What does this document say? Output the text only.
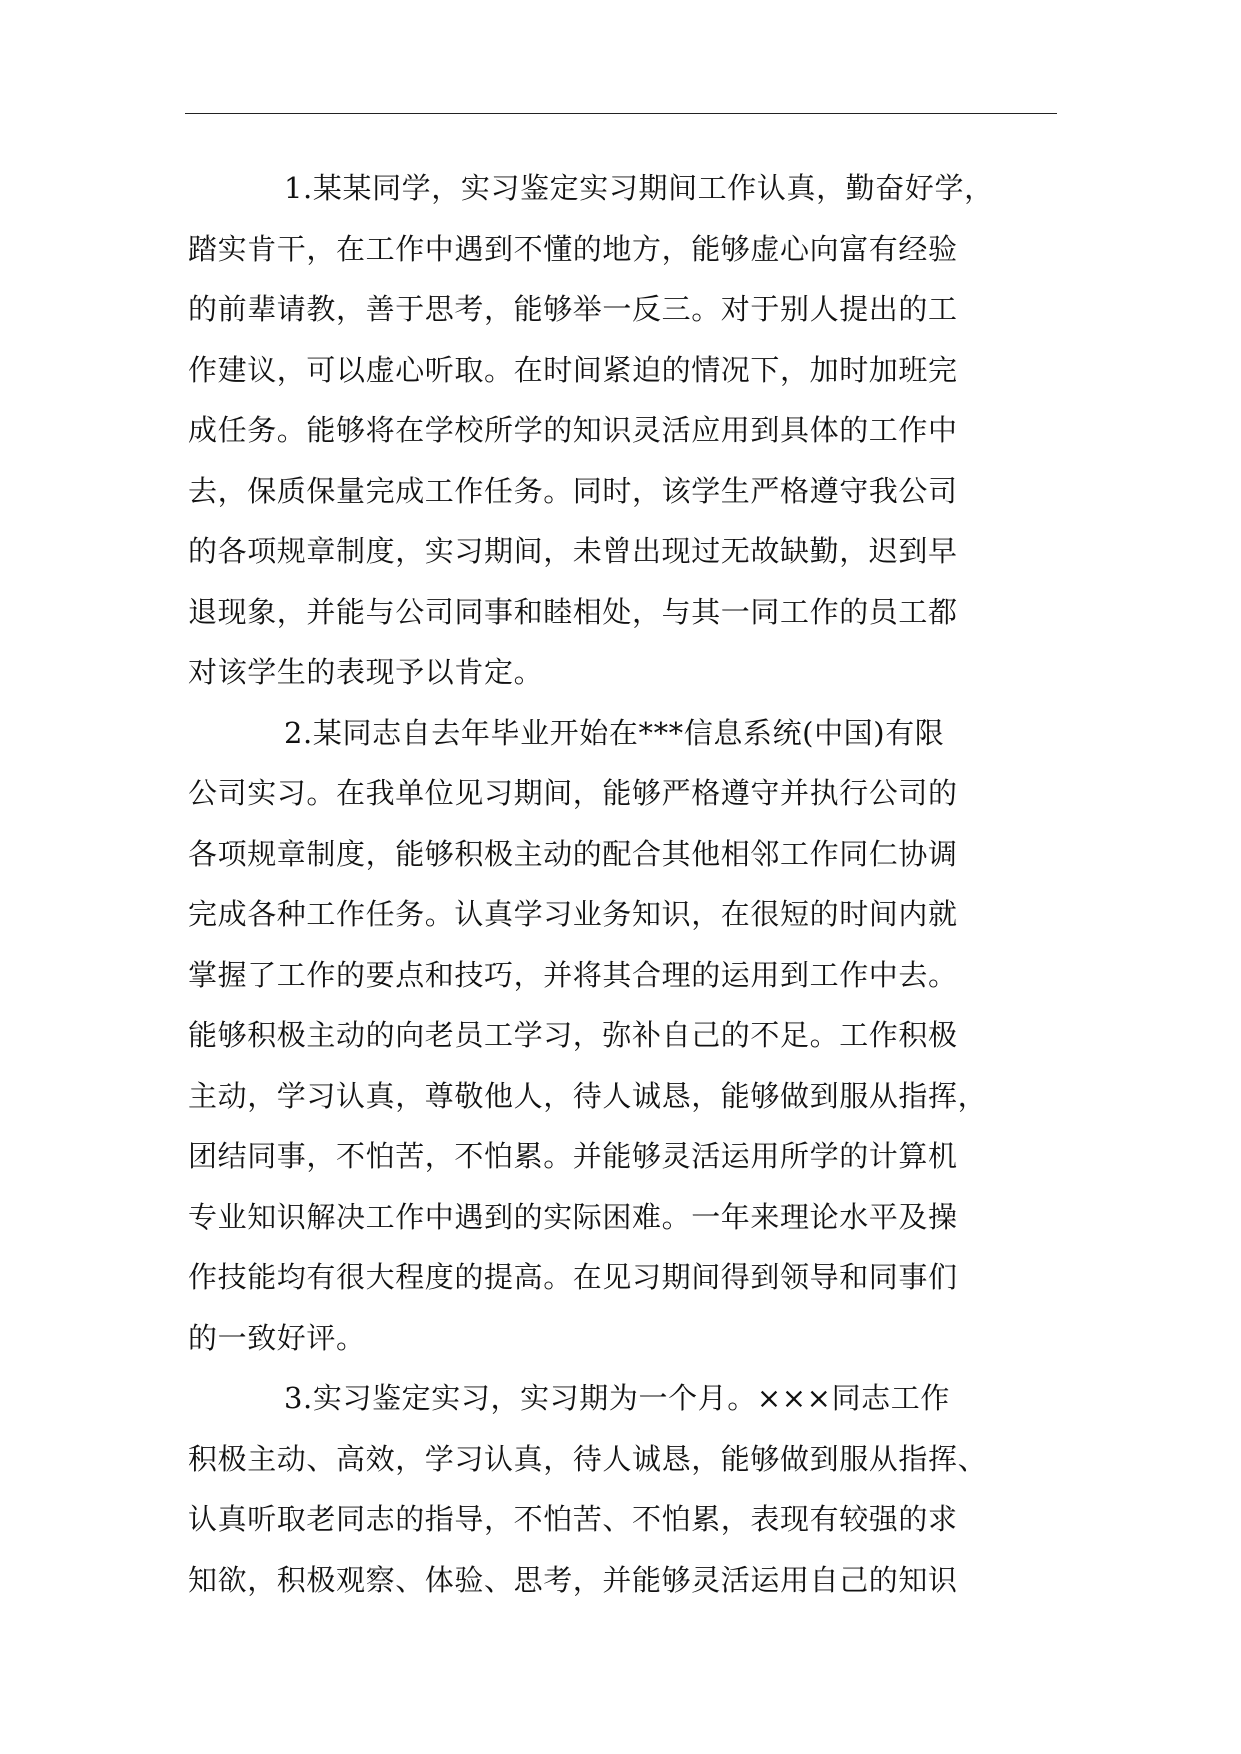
1.某某同学，实习鉴定实习期间工作认真，勤奋好学，
踏实肯干，在工作中遇到不懂的地方，能够虚心向富有经验
的前辈请教，善于思考，能够举一反三。对于别人提出的工
作建议，可以虚心听取。在时间紧迫的情况下，加时加班完
成任务。能够将在学校所学的知识灵活应用到具体的工作中
去，保质保量完成工作任务。同时，该学生严格遵守我公司
的各项规章制度，实习期间，未曾出现过无故缺勤，迟到早
退现象，并能与公司同事和睦相处，与其一同工作的员工都
对该学生的表现予以肯定。
2.某同志自去年毕业开始在***信息系统(中国)有限
公司实习。在我单位见习期间，能够严格遵守并执行公司的
各项规章制度，能够积极主动的配合其他相邻工作同仁协调
完成各种工作任务。认真学习业务知识，在很短的时间内就
掌握了工作的要点和技巧，并将其合理的运用到工作中去。
能够积极主动的向老员工学习，弥补自己的不足。工作积极
主动，学习认真，尊敬他人，待人诚恳，能够做到服从指挥，
团结同事，不怕苦，不怕累。并能够灵活运用所学的计算机
专业知识解决工作中遇到的实际困难。一年来理论水平及操
作技能均有很大程度的提高。在见习期间得到领导和同事们
的一致好评。
3.实习鉴定实习，实习期为一个月。×××同志工作
积极主动、高效，学习认真，待人诚恳，能够做到服从指挥、
认真听取老同志的指导，不怕苦、不怕累，表现有较强的求
知欲，积极观察、体验、思考，并能够灵活运用自己的知识
